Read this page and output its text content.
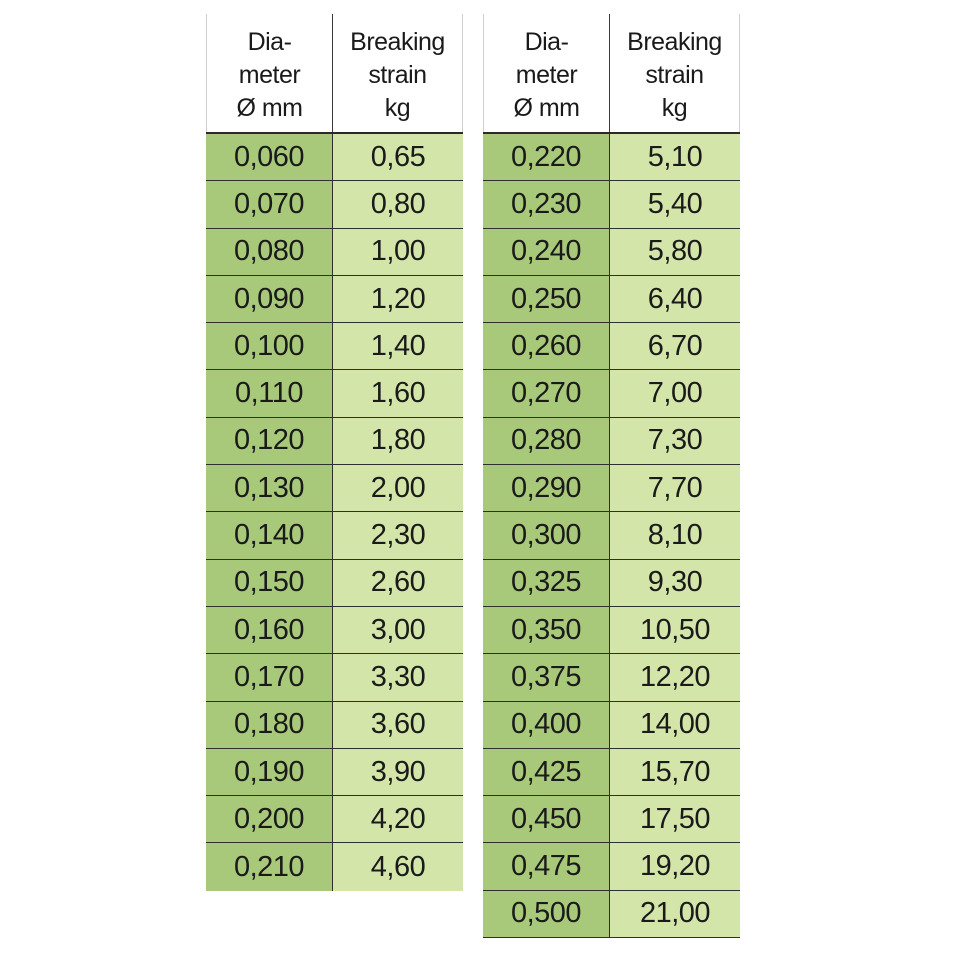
Dia-
meter
Ø mm
Breaking
strain
kg
0,060	0,65
0,070	0,80
0,080	1,00
0,090	1,20
0,100	1,40
0,110	1,60
0,120	1,80
0,130	2,00
0,140	2,30
0,150	2,60
0,160	3,00
0,170	3,30
0,180	3,60
0,190	3,90
0,200	4,20
0,210	4,60
Dia-
meter
Ø mm
Breaking
strain
kg
0,220	5,10
0,230	5,40
0,240	5,80
0,250	6,40
0,260	6,70
0,270	7,00
0,280	7,30
0,290	7,70
0,300	8,10
0,325	9,30
0,350	10,50
0,375	12,20
0,400	14,00
0,425	15,70
0,450	17,50
0,475	19,20
0,500	21,00
